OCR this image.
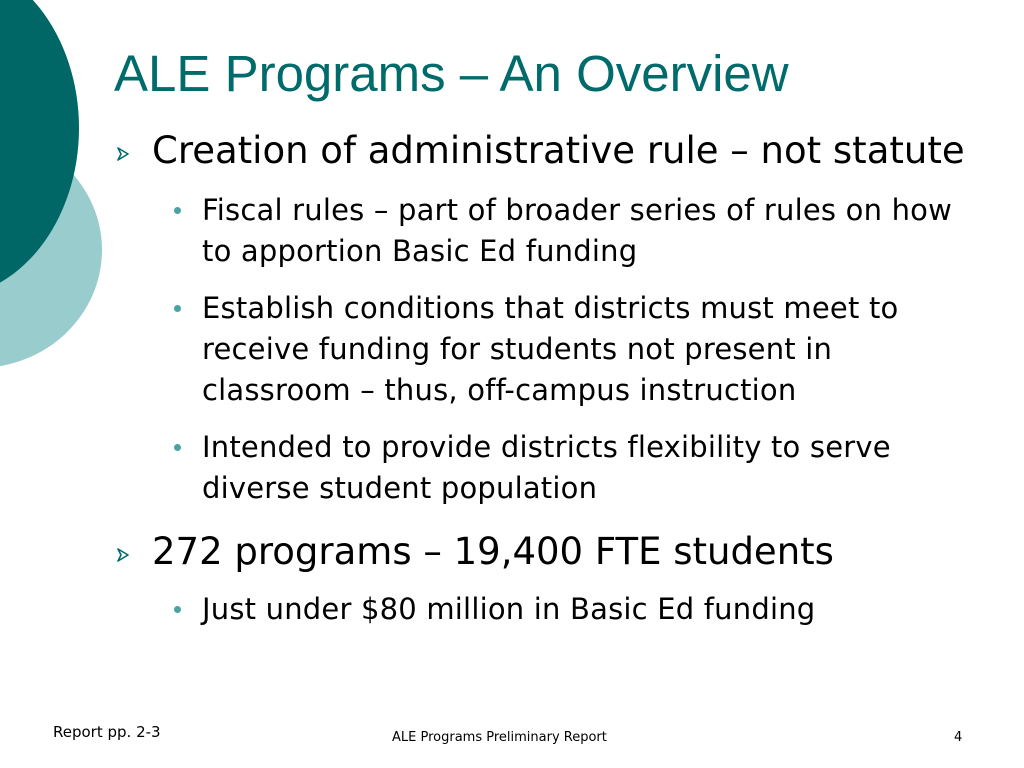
ALE Programs – An Overview
Creation of administrative rule – not statute
Fiscal rules – part of broader series of rules on how to apportion Basic Ed funding
Establish conditions that districts must meet to receive funding for students not present in classroom – thus, off-campus instruction
Intended to provide districts flexibility to serve diverse student population
272 programs – 19,400 FTE students
Just under $80 million in Basic Ed funding
Report pp. 2-3	ALE Programs Preliminary Report	4
